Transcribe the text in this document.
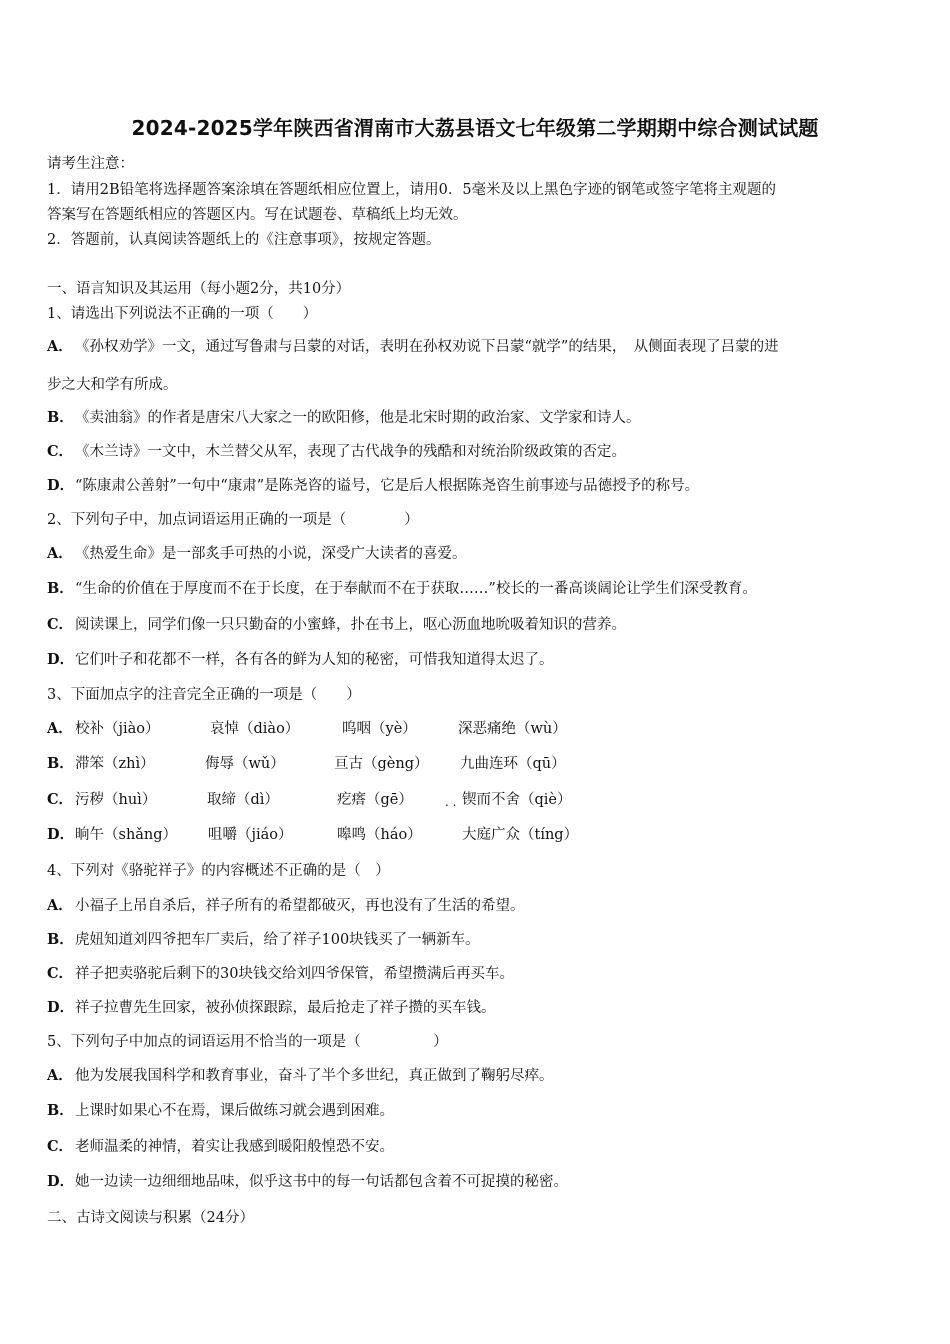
2024-2025学年陕西省渭南市大荔县语文七年级第二学期期中综合测试试题
请考生注意：
1．请用2B铅笔将选择题答案涂填在答题纸相应位置上，请用0．5毫米及以上黑色字迹的钢笔或签字笔将主观题的
答案写在答题纸相应的答题区内。写在试题卷、草稿纸上均无效。
2．答题前，认真阅读答题纸上的《注意事项》，按规定答题。
一、语言知识及其运用（每小题2分，共10分）
1、请选出下列说法不正确的一项（　　）
A． 《孙权劝学》一文，通过写鲁肃与吕蒙的对话，表明在孙权劝说下吕蒙“就学”的结果，　从侧面表现了吕蒙的进
步之大和学有所成。
B．《卖油翁》的作者是唐宋八大家之一的欧阳修，他是北宋时期的政治家、文学家和诗人。
C． 《木兰诗》一文中，木兰替父从军，表现了古代战争的残酷和对统治阶级政策的否定。
D．“陈康肃公善射”一句中“康肃”是陈尧咨的谥号，它是后人根据陈尧咨生前事迹与品德授予的称号。
2、下列句子中，加点词语运用正确的一项是（　　　　）
A． 《热爱生命》是一部炙手可热的小说，深受广大读者的喜爱。
B．“生命的价值在于厚度而不在于长度，在于奉献而不在于获取……”校长的一番高谈阔论让学生们深受教育。
C． 阅读课上，同学们像一只只勤奋的小蜜蜂，扑在书上，呕心沥血地吮吸着知识的营养。
D．它们叶子和花都不一样，各有各的鲜为人知的秘密，可惜我知道得太迟了。
3、下面加点字的注音完全正确的一项是（　　）
A． 校补（jiào）	哀悼（diào）	呜咽（yè）	深恶痛绝（wù）
B． 滞笨（zhì）	侮辱（wǔ）	亘古（gèng） 九曲连环（qū）
C． 污秽（huì）	取缔（dì）	疙瘩（gē）	锲而不舍（qiè）
. .
D． 晌午（shǎng） 咀嚼（jiáo）	嗥鸣（háo）	大庭广众（tíng）
4、下列对《骆驼祥子》的内容概述不正确的是（　）
A． 小福子上吊自杀后，祥子所有的希望都破灭，再也没有了生活的希望。
B．虎妞知道刘四爷把车厂卖后，给了祥子100块钱买了一辆新车。
C． 祥子把卖骆驼后剩下的30块钱交给刘四爷保管，希望攒满后再买车。
D．祥子拉曹先生回家，被孙侦探跟踪，最后抢走了祥子攒的买车钱。
5、下列句子中加点的词语运用不恰当的一项是（　　　　　）
A． 他为发展我国科学和教育事业，奋斗了半个多世纪，真正做到了鞠躬尽瘁。
B．上课时如果心不在焉，课后做练习就会遇到困难。
C． 老师温柔的神情，着实让我感到暖阳般惶恐不安。
D．她一边读一边细细地品味，似乎这书中的每一句话都包含着不可捉摸的秘密。
二、古诗文阅读与积累（24分）
